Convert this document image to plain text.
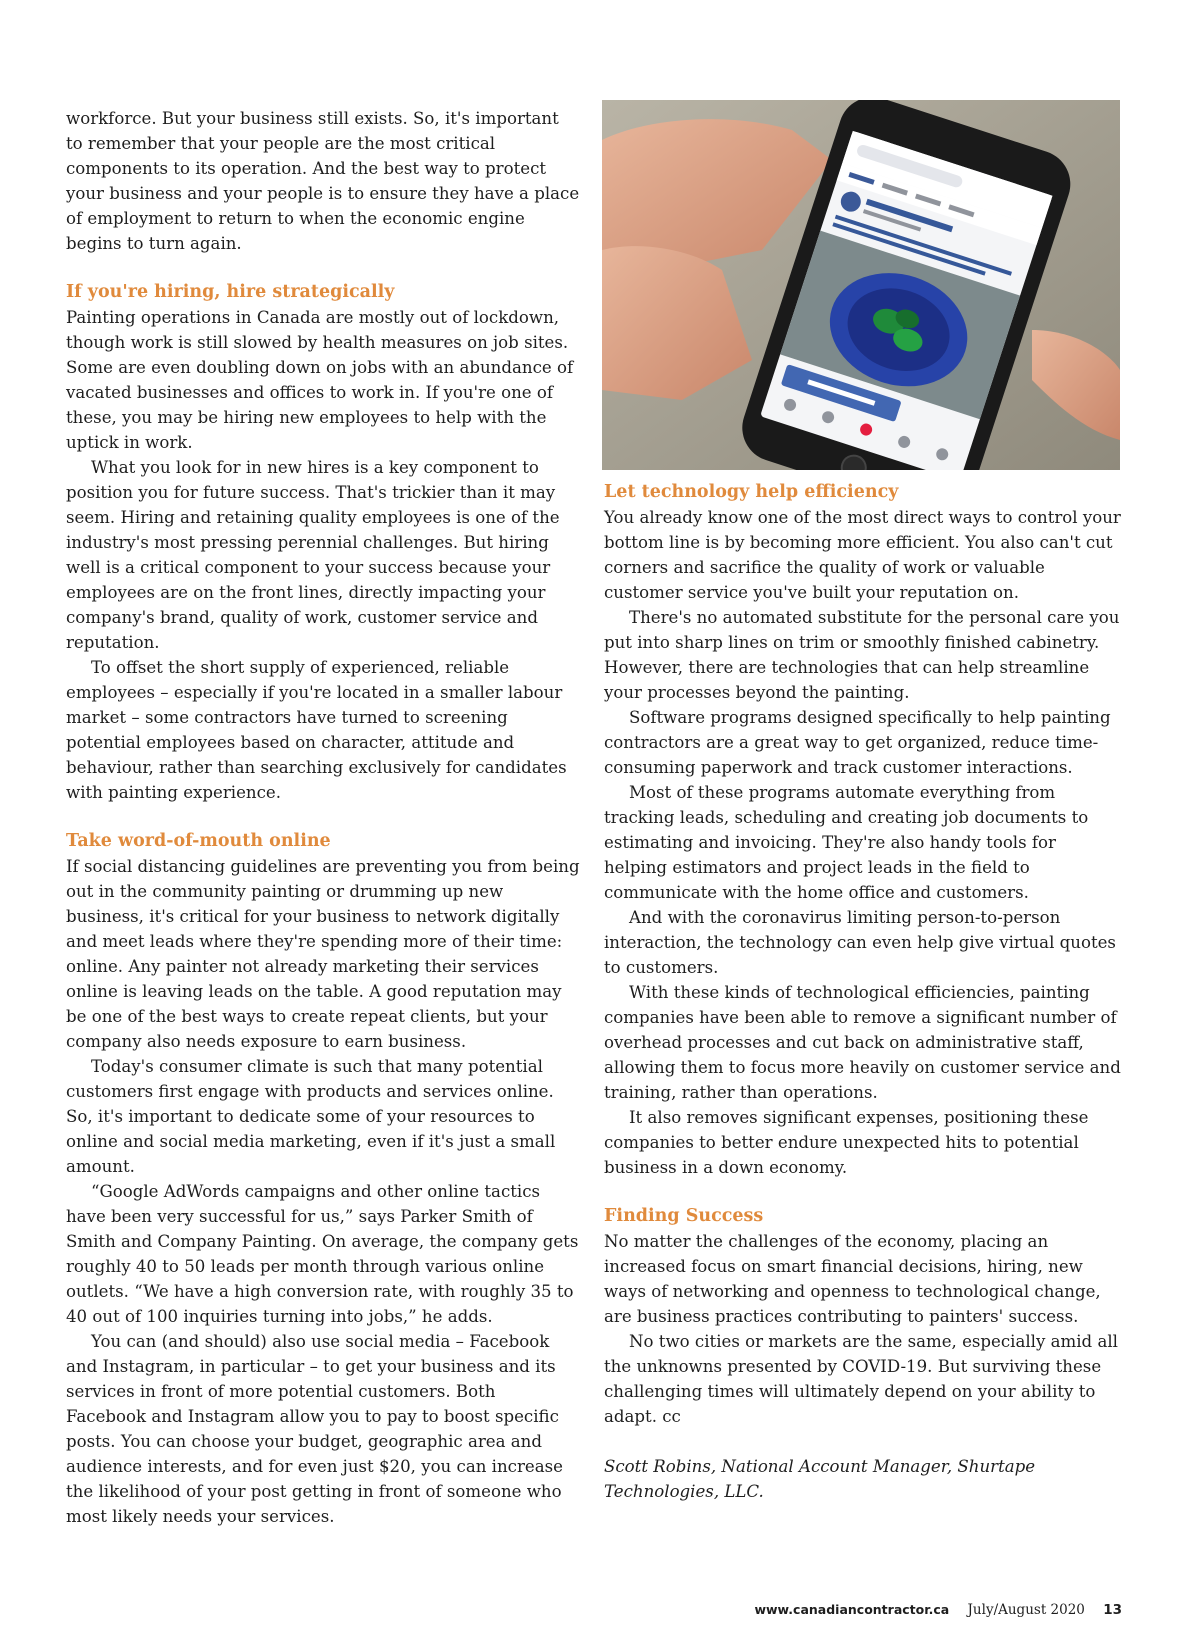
workforce. But your business still exists. So, it's important to remember that your people are the most critical components to its operation. And the best way to protect your business and your people is to ensure they have a place of employment to return to when the economic engine begins to turn again.

If you're hiring, hire strategically

Painting operations in Canada are mostly out of lockdown, though work is still slowed by health measures on job sites. Some are even doubling down on jobs with an abundance of vacated businesses and offices to work in. If you're one of these, you may be hiring new employees to help with the uptick in work.

What you look for in new hires is a key component to position you for future success. That's trickier than it may seem. Hiring and retaining quality employees is one of the industry's most pressing perennial challenges. But hiring well is a critical component to your success because your employees are on the front lines, directly impacting your company's brand, quality of work, customer service and reputation.

To offset the short supply of experienced, reliable employees – especially if you're located in a smaller labour market – some contractors have turned to screening potential employees based on character, attitude and behaviour, rather than searching exclusively for candidates with painting experience.

Take word-of-mouth online

If social distancing guidelines are preventing you from being out in the community painting or drumming up new business, it's critical for your business to network digitally and meet leads where they're spending more of their time: online. Any painter not already marketing their services online is leaving leads on the table. A good reputation may be one of the best ways to create repeat clients, but your company also needs exposure to earn business.

Today's consumer climate is such that many potential customers first engage with products and services online. So, it's important to dedicate some of your resources to online and social media marketing, even if it's just a small amount.

“Google AdWords campaigns and other online tactics have been very successful for us,” says Parker Smith of Smith and Company Painting. On average, the company gets roughly 40 to 50 leads per month through various online outlets. “We have a high conversion rate, with roughly 35 to 40 out of 100 inquiries turning into jobs,” he adds.

You can (and should) also use social media – Facebook and Instagram, in particular – to get your business and its services in front of more potential customers. Both Facebook and Instagram allow you to pay to boost specific posts. You can choose your budget, geographic area and audience interests, and for even just $20, you can increase the likelihood of your post getting in front of someone who most likely needs your services.

Let technology help efficiency

You already know one of the most direct ways to control your bottom line is by becoming more efficient. You also can't cut corners and sacrifice the quality of work or valuable customer service you've built your reputation on.

There's no automated substitute for the personal care you put into sharp lines on trim or smoothly finished cabinetry. However, there are technologies that can help streamline your processes beyond the painting.

Software programs designed specifically to help painting contractors are a great way to get organized, reduce time-consuming paperwork and track customer interactions.

Most of these programs automate everything from tracking leads, scheduling and creating job documents to estimating and invoicing. They're also handy tools for helping estimators and project leads in the field to communicate with the home office and customers.

And with the coronavirus limiting person-to-person interaction, the technology can even help give virtual quotes to customers.

With these kinds of technological efficiencies, painting companies have been able to remove a significant number of overhead processes and cut back on administrative staff, allowing them to focus more heavily on customer service and training, rather than operations.

It also removes significant expenses, positioning these companies to better endure unexpected hits to potential business in a down economy.

Finding Success

No matter the challenges of the economy, placing an increased focus on smart financial decisions, hiring, new ways of networking and openness to technological change, are business practices contributing to painters' success.

No two cities or markets are the same, especially amid all the unknowns presented by COVID-19. But surviving these challenging times will ultimately depend on your ability to adapt. cc

Scott Robins, National Account Manager, Shurtape Technologies, LLC.

www.canadiancontractor.ca July/August 2020 13
